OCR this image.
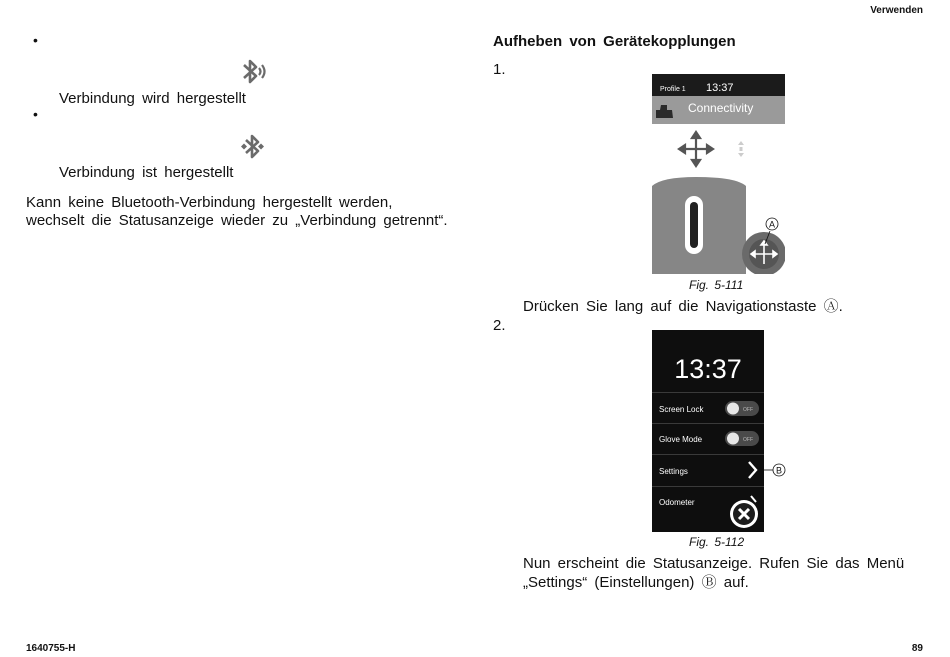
Verwenden
•
Verbindung wird hergestellt
•
Verbindung ist hergestellt
Kann keine Bluetooth-Verbindung hergestellt werden,
wechselt die Statusanzeige wieder zu „Verbindung getrennt“.
Aufheben von Gerätekopplungen
1.
Profile 1 13:37
Connectivity
A
Fig. 5-111
Drücken Sie lang auf die Navigationstaste Ⓐ.
2.
13:37
Screen Lock	OFF
Glove Mode	OFF
Settings	B
Odometer
Fig. 5-112
Nun erscheint die Statusanzeige. Rufen Sie das Menü
„Settings“ (Einstellungen) Ⓑ auf.
1640755-H	89
